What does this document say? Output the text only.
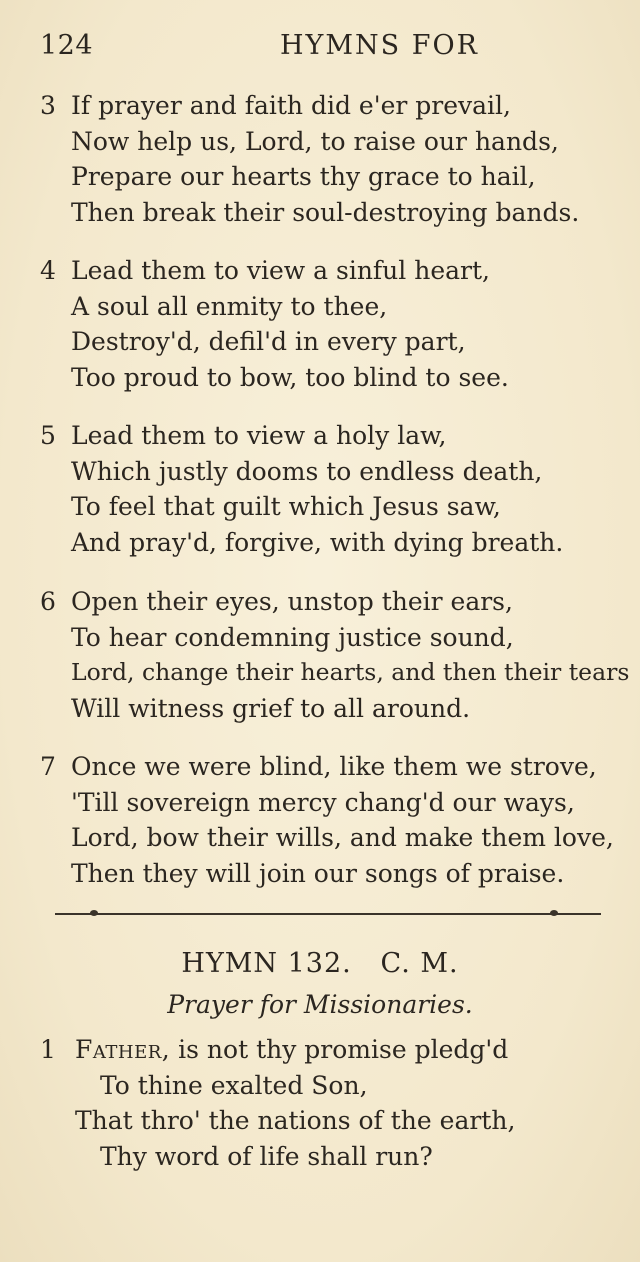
124	HYMNS FOR
3 If prayer and faith did e'er prevail,
Now help us, Lord, to raise our hands,
Prepare our hearts thy grace to hail,
Then break their soul-destroying bands.
4 Lead them to view a sinful heart,
A soul all enmity to thee,
Destroy'd, defil'd in every part,
Too proud to bow, too blind to see.
5 Lead them to view a holy law,
Which justly dooms to endless death,
To feel that guilt which Jesus saw,
And pray'd, forgive, with dying breath.
6 Open their eyes, unstop their ears,
To hear condemning justice sound,
Lord, change their hearts, and then their tears
Will witness grief to all around.
7 Once we were blind, like them we strove,
'Till sovereign mercy chang'd our ways,
Lord, bow their wills, and make them love,
Then they will join our songs of praise.
HYMN 132.   C. M.
Prayer for Missionaries.
1 Father, is not thy promise pledg'd
To thine exalted Son,
That thro' the nations of the earth,
Thy word of life shall run?
